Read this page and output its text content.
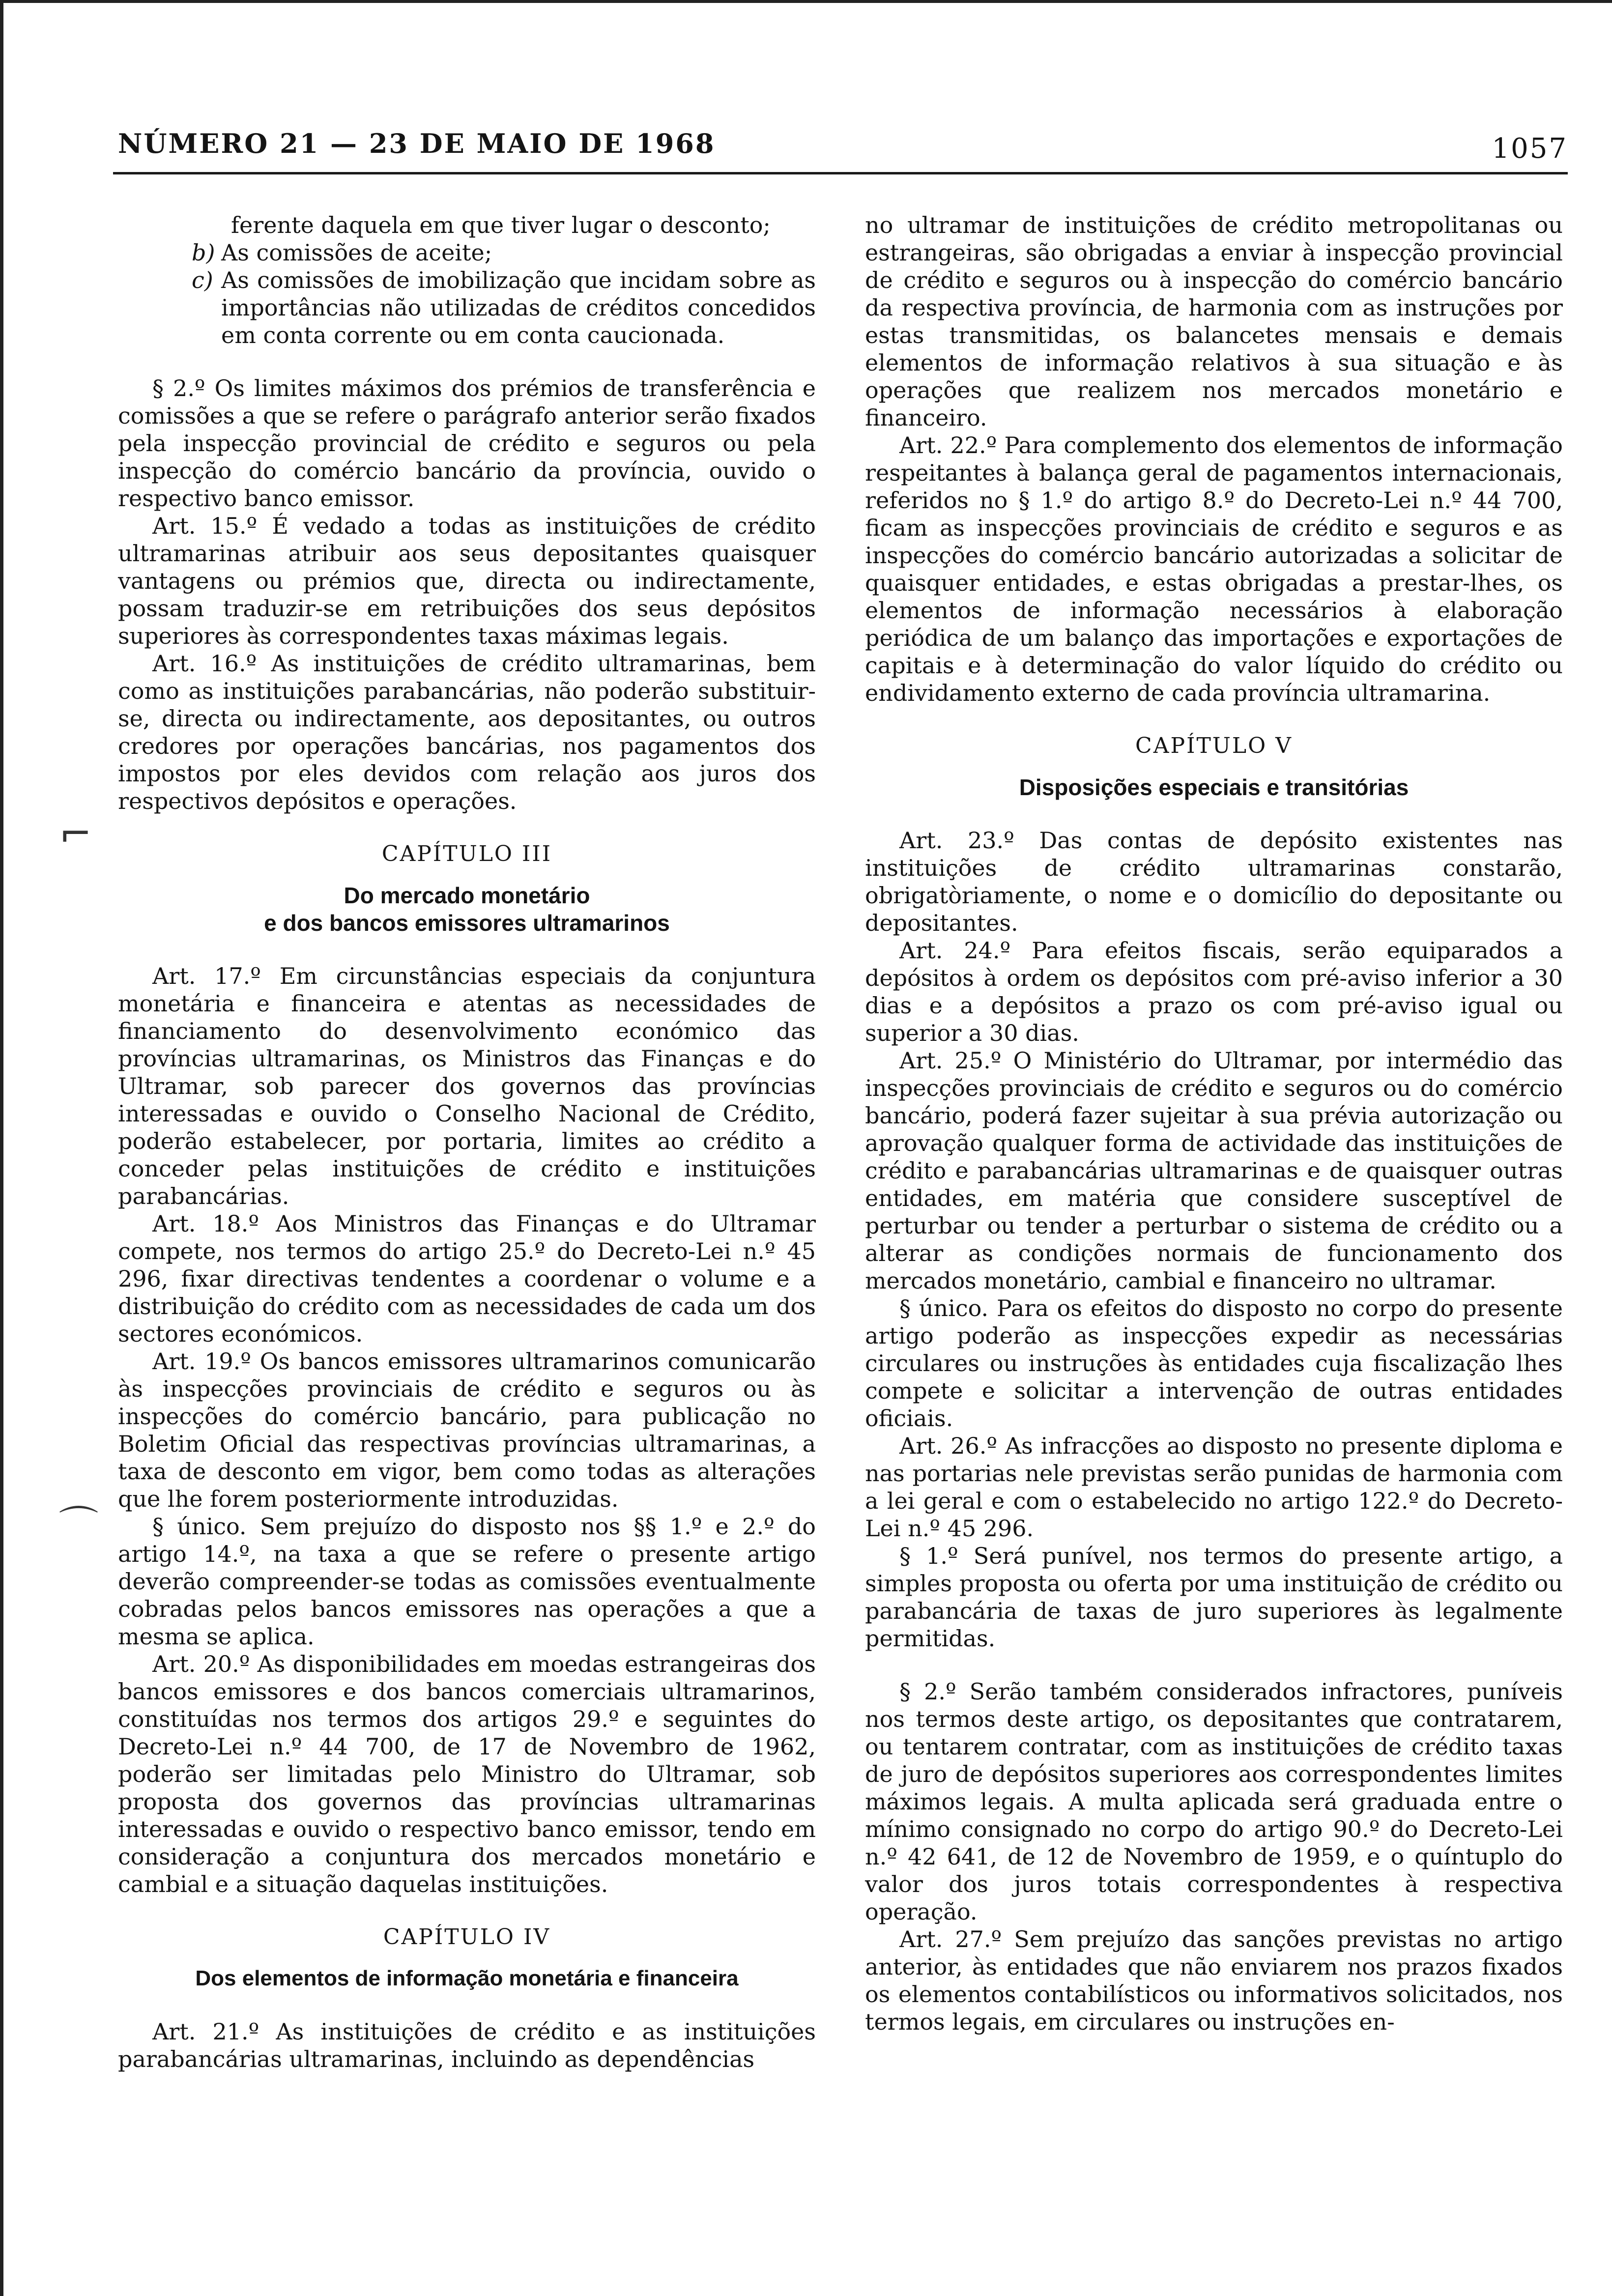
NÚMERO 21 — 23 DE MAIO DE 1968	1057
⌐
⌒

ferente daquela em que tiver lugar o desconto;

b) As comissões de aceite;
c) As comissões de imobilização que incidam sobre as importâncias não utilizadas de créditos concedidos em conta corrente ou em conta caucionada.

§ 2.º Os limites máximos dos prémios de transferência e comissões a que se refere o parágrafo anterior serão fixados pela inspecção provincial de crédito e seguros ou pela inspecção do comércio bancário da província, ouvido o respectivo banco emissor.

Art. 15.º É vedado a todas as instituições de crédito ultramarinas atribuir aos seus depositantes quaisquer vantagens ou prémios que, directa ou indirectamente, possam traduzir-se em retribuições dos seus depósitos superiores às correspondentes taxas máximas legais.

Art. 16.º As instituições de crédito ultramarinas, bem como as instituições parabancárias, não poderão substituir-se, directa ou indirectamente, aos depositantes, ou outros credores por operações bancárias, nos pagamentos dos impostos por eles devidos com relação aos juros dos respectivos depósitos e operações.

CAPÍTULO III
Do mercado monetário
e dos bancos emissores ultramarinos

Art. 17.º Em circunstâncias especiais da conjuntura monetária e financeira e atentas as necessidades de financiamento do desenvolvimento económico das províncias ultramarinas, os Ministros das Finanças e do Ultramar, sob parecer dos governos das províncias interessadas e ouvido o Conselho Nacional de Crédito, poderão estabelecer, por portaria, limites ao crédito a conceder pelas instituições de crédito e instituições parabancárias.

Art. 18.º Aos Ministros das Finanças e do Ultramar compete, nos termos do artigo 25.º do Decreto-Lei n.º 45 296, fixar directivas tendentes a coordenar o volume e a distribuição do crédito com as necessidades de cada um dos sectores económicos.

Art. 19.º Os bancos emissores ultramarinos comunicarão às inspecções provinciais de crédito e seguros ou às inspecções do comércio bancário, para publicação no Boletim Oficial das respectivas províncias ultramarinas, a taxa de desconto em vigor, bem como todas as alterações que lhe forem posteriormente introduzidas.

§ único. Sem prejuízo do disposto nos §§ 1.º e 2.º do artigo 14.º, na taxa a que se refere o presente artigo deverão compreender-se todas as comissões eventualmente cobradas pelos bancos emissores nas operações a que a mesma se aplica.

Art. 20.º As disponibilidades em moedas estrangeiras dos bancos emissores e dos bancos comerciais ultramarinos, constituídas nos termos dos artigos 29.º e seguintes do Decreto-Lei n.º 44 700, de 17 de Novembro de 1962, poderão ser limitadas pelo Ministro do Ultramar, sob proposta dos governos das províncias ultramarinas interessadas e ouvido o respectivo banco emissor, tendo em consideração a conjuntura dos mercados monetário e cambial e a situação daquelas instituições.

CAPÍTULO IV
Dos elementos de informação monetária e financeira

Art. 21.º As instituições de crédito e as instituições parabancárias ultramarinas, incluindo as dependências

no ultramar de instituições de crédito metropolitanas ou estrangeiras, são obrigadas a enviar à inspecção provincial de crédito e seguros ou à inspecção do comércio bancário da respectiva província, de harmonia com as instruções por estas transmitidas, os balancetes mensais e demais elementos de informação relativos à sua situação e às operações que realizem nos mercados monetário e financeiro.

Art. 22.º Para complemento dos elementos de informação respeitantes à balança geral de pagamentos internacionais, referidos no § 1.º do artigo 8.º do Decreto-Lei n.º 44 700, ficam as inspecções provinciais de crédito e seguros e as inspecções do comércio bancário autorizadas a solicitar de quaisquer entidades, e estas obrigadas a prestar-lhes, os elementos de informação necessários à elaboração periódica de um balanço das importações e exportações de capitais e à determinação do valor líquido do crédito ou endividamento externo de cada província ultramarina.

CAPÍTULO V
Disposições especiais e transitórias

Art. 23.º Das contas de depósito existentes nas instituições de crédito ultramarinas constarão, obrigatòriamente, o nome e o domicílio do depositante ou depositantes.

Art. 24.º Para efeitos fiscais, serão equiparados a depósitos à ordem os depósitos com pré-aviso inferior a 30 dias e a depósitos a prazo os com pré-aviso igual ou superior a 30 dias.

Art. 25.º O Ministério do Ultramar, por intermédio das inspecções provinciais de crédito e seguros ou do comércio bancário, poderá fazer sujeitar à sua prévia autorização ou aprovação qualquer forma de actividade das instituições de crédito e parabancárias ultramarinas e de quaisquer outras entidades, em matéria que considere susceptível de perturbar ou tender a perturbar o sistema de crédito ou a alterar as condições normais de funcionamento dos mercados monetário, cambial e financeiro no ultramar.

§ único. Para os efeitos do disposto no corpo do presente artigo poderão as inspecções expedir as necessárias circulares ou instruções às entidades cuja fiscalização lhes compete e solicitar a intervenção de outras entidades oficiais.

Art. 26.º As infracções ao disposto no presente diploma e nas portarias nele previstas serão punidas de harmonia com a lei geral e com o estabelecido no artigo 122.º do Decreto-Lei n.º 45 296.

§ 1.º Será punível, nos termos do presente artigo, a simples proposta ou oferta por uma instituição de crédito ou parabancária de taxas de juro superiores às legalmente permitidas.

§ 2.º Serão também considerados infractores, puníveis nos termos deste artigo, os depositantes que contratarem, ou tentarem contratar, com as instituições de crédito taxas de juro de depósitos superiores aos correspondentes limites máximos legais. A multa aplicada será graduada entre o mínimo consignado no corpo do artigo 90.º do Decreto-Lei n.º 42 641, de 12 de Novembro de 1959, e o quíntuplo do valor dos juros totais correspondentes à respectiva operação.

Art. 27.º Sem prejuízo das sanções previstas no artigo anterior, às entidades que não enviarem nos prazos fixados os elementos contabilísticos ou informativos solicitados, nos termos legais, em circulares ou instruções en-
